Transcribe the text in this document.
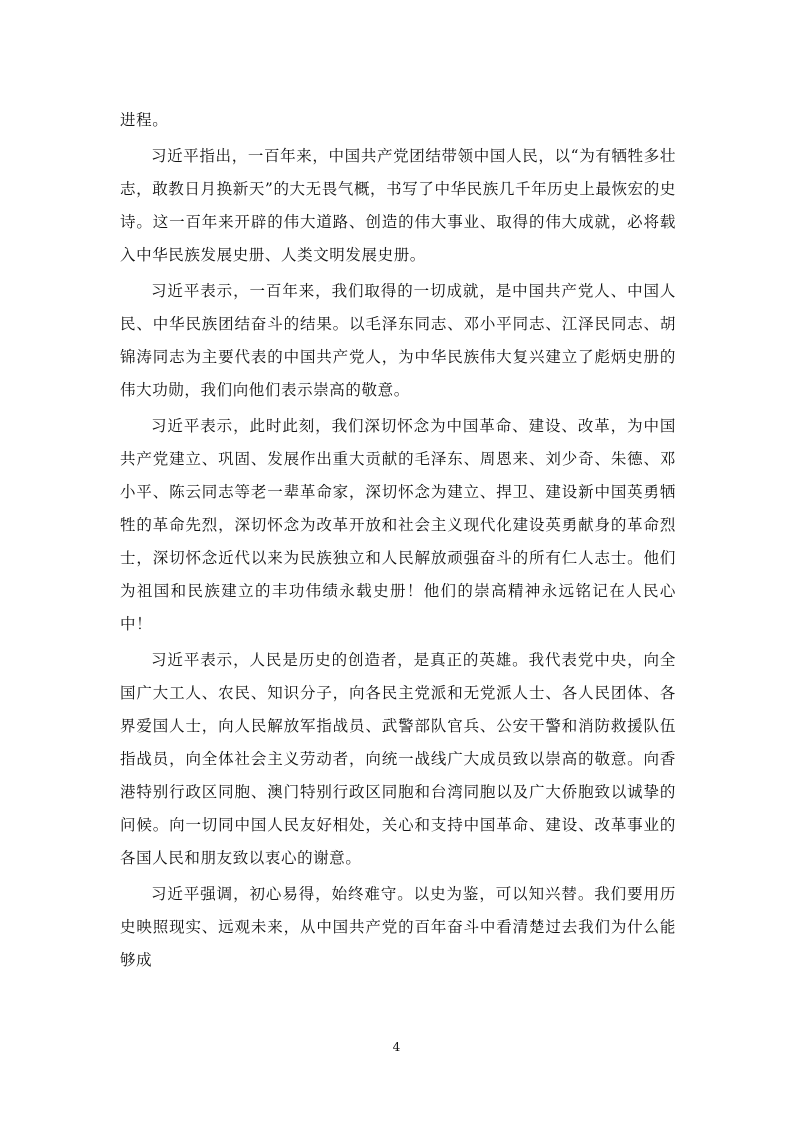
进程。

习近平指出，一百年来，中国共产党团结带领中国人民，以“为有牺牲多壮志，敢教日月换新天”的大无畏气概，书写了中华民族几千年历史上最恢宏的史诗。这一百年来开辟的伟大道路、创造的伟大事业、取得的伟大成就，必将载入中华民族发展史册、人类文明发展史册。

习近平表示，一百年来，我们取得的一切成就，是中国共产党人、中国人民、中华民族团结奋斗的结果。以毛泽东同志、邓小平同志、江泽民同志、胡锦涛同志为主要代表的中国共产党人，为中华民族伟大复兴建立了彪炳史册的伟大功勋，我们向他们表示崇高的敬意。

习近平表示，此时此刻，我们深切怀念为中国革命、建设、改革，为中国共产党建立、巩固、发展作出重大贡献的毛泽东、周恩来、刘少奇、朱德、邓小平、陈云同志等老一辈革命家，深切怀念为建立、捍卫、建设新中国英勇牺牲的革命先烈，深切怀念为改革开放和社会主义现代化建设英勇献身的革命烈士，深切怀念近代以来为民族独立和人民解放顽强奋斗的所有仁人志士。他们为祖国和民族建立的丰功伟绩永载史册！他们的崇高精神永远铭记在人民心中！

习近平表示，人民是历史的创造者，是真正的英雄。我代表党中央，向全国广大工人、农民、知识分子，向各民主党派和无党派人士、各人民团体、各界爱国人士，向人民解放军指战员、武警部队官兵、公安干警和消防救援队伍指战员，向全体社会主义劳动者，向统一战线广大成员致以崇高的敬意。向香港特别行政区同胞、澳门特别行政区同胞和台湾同胞以及广大侨胞致以诚挚的问候。向一切同中国人民友好相处，关心和支持中国革命、建设、改革事业的各国人民和朋友致以衷心的谢意。

习近平强调，初心易得，始终难守。以史为鉴，可以知兴替。我们要用历史映照现实、远观未来，从中国共产党的百年奋斗中看清楚过去我们为什么能够成

4
